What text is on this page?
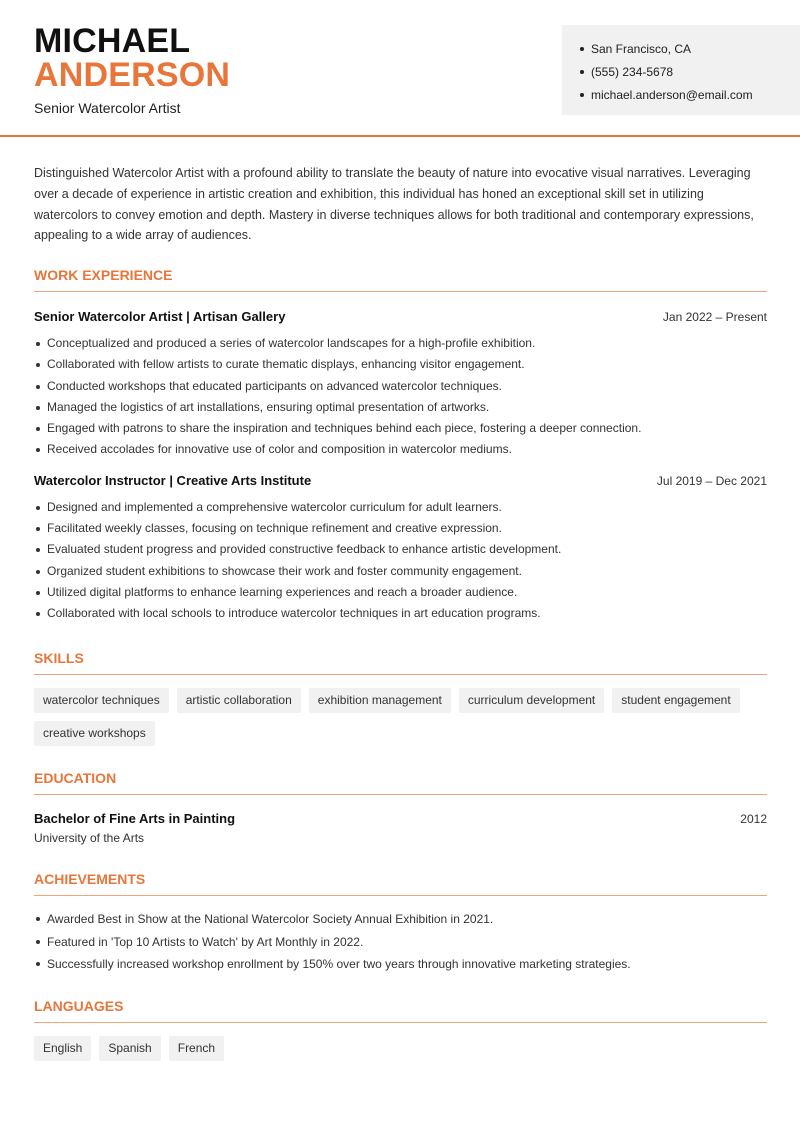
MICHAEL
ANDERSON
Senior Watercolor Artist
San Francisco, CA
(555) 234-5678
michael.anderson@email.com
Distinguished Watercolor Artist with a profound ability to translate the beauty of nature into evocative visual narratives. Leveraging over a decade of experience in artistic creation and exhibition, this individual has honed an exceptional skill set in utilizing watercolors to convey emotion and depth. Mastery in diverse techniques allows for both traditional and contemporary expressions, appealing to a wide array of audiences.
WORK EXPERIENCE
Senior Watercolor Artist | Artisan Gallery	Jan 2022 – Present
Conceptualized and produced a series of watercolor landscapes for a high-profile exhibition.
Collaborated with fellow artists to curate thematic displays, enhancing visitor engagement.
Conducted workshops that educated participants on advanced watercolor techniques.
Managed the logistics of art installations, ensuring optimal presentation of artworks.
Engaged with patrons to share the inspiration and techniques behind each piece, fostering a deeper connection.
Received accolades for innovative use of color and composition in watercolor mediums.
Watercolor Instructor | Creative Arts Institute	Jul 2019 – Dec 2021
Designed and implemented a comprehensive watercolor curriculum for adult learners.
Facilitated weekly classes, focusing on technique refinement and creative expression.
Evaluated student progress and provided constructive feedback to enhance artistic development.
Organized student exhibitions to showcase their work and foster community engagement.
Utilized digital platforms to enhance learning experiences and reach a broader audience.
Collaborated with local schools to introduce watercolor techniques in art education programs.
SKILLS
watercolor techniques	artistic collaboration	exhibition management	curriculum development	student engagement
creative workshops
EDUCATION
Bachelor of Fine Arts in Painting	2012
University of the Arts
ACHIEVEMENTS
Awarded Best in Show at the National Watercolor Society Annual Exhibition in 2021.
Featured in 'Top 10 Artists to Watch' by Art Monthly in 2022.
Successfully increased workshop enrollment by 150% over two years through innovative marketing strategies.
LANGUAGES
English	Spanish	French
